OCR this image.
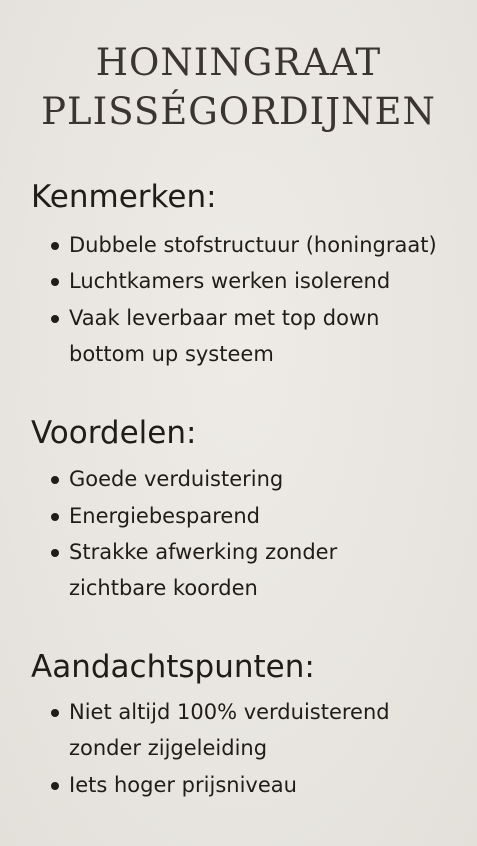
HONINGRAAT
PLISSÉGORDIJNEN
Kenmerken:
Dubbele stofstructuur (honingraat)
Luchtkamers werken isolerend
Vaak leverbaar met top down
bottom up systeem
Voordelen:
Goede verduistering
Energiebesparend
Strakke afwerking zonder
zichtbare koorden
Aandachtspunten:
Niet altijd 100% verduisterend
zonder zijgeleiding
Iets hoger prijsniveau
